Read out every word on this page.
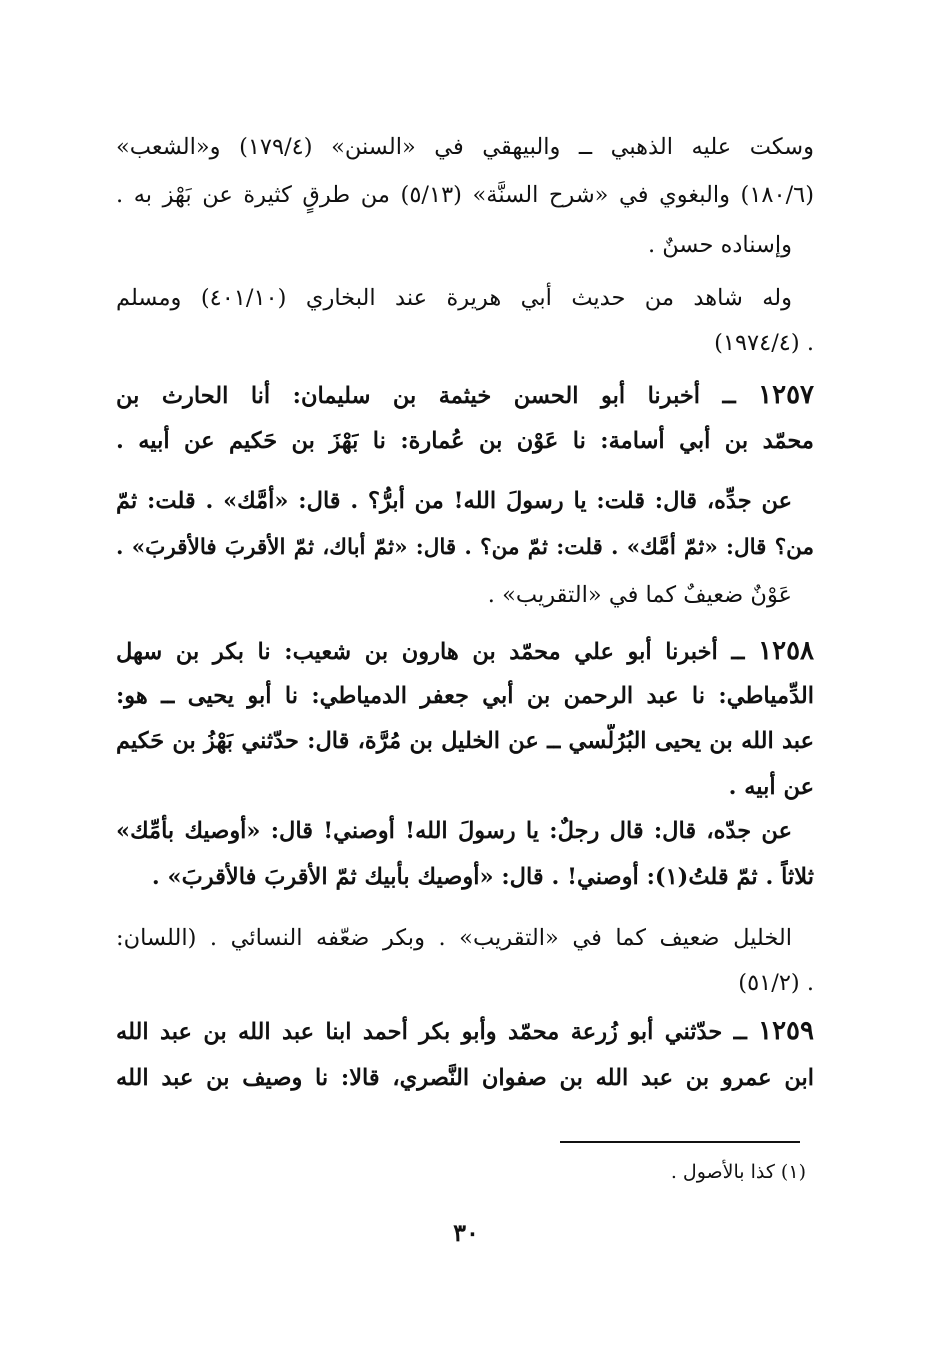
وسكت عليه الذهبي ــ والبيهقي في «السنن» (١٧٩/٤) و«الشعب»
(١٨٠/٦) والبغوي في «شرح السنَّة» (٥/١٣) من طرقٍ كثيرة عن بَهْز به .
وإسناده حسنٌ .
وله شاهد من حديث أبي هريرة عند البخاري (٤٠١/١٠) ومسلم
. (١٩٧٤/٤)
١٢٥٧ ــ أخبرنا أبو الحسن خيثمة بن سليمان: أنا الحارث بن
محمّد بن أبي أسامة: نا عَوْن بن عُمارة: نا بَهْزَ بن حَكيم عن أبيه .
عن جدِّه، قال: قلت: يا رسولَ الله! من أبرُّ؟ . قال: «أمَّك» . قلت: ثمّ
من؟ قال: «ثمّ أمَّك» . قلت: ثمّ من؟ . قال: «ثمّ أباك، ثمّ الأقربَ فالأقربَ» .
عَوْنٌ ضعيفٌ كما في «التقريب» .
١٢٥٨ ــ أخبرنا أبو علي محمّد بن هارون بن شعيب: نا بكر بن سهل
الدِّمياطي: نا عبد الرحمن بن أبي جعفر الدمياطي: نا أبو يحيى ــ هو:
عبد الله بن يحيى البُرُلُّسي ــ عن الخليل بن مُرَّة، قال: حدّثني بَهْزُ بن حَكيم
عن أبيه .
عن جدّه، قال: قال رجلٌ: يا رسولَ الله! أوصني! قال: «أوصيك بأمِّك»
ثلاثاً . ثمّ قلتُ(١): أوصني! . قال: «أوصيك بأبيك ثمّ الأقربَ فالأقربَ» .
الخليل ضعيف كما في «التقريب» . وبكر ضعّفه النسائي . (اللسان:
. (٥١/٢)
١٢٥٩ ــ حدّثني أبو زُرعة محمّد وأبو بكر أحمد ابنا عبد الله بن عبد الله
ابن عمرو بن عبد الله بن صفوان النَّصري، قالا: نا وصيف بن عبد الله
(١) كذا بالأصول .
٣٠
